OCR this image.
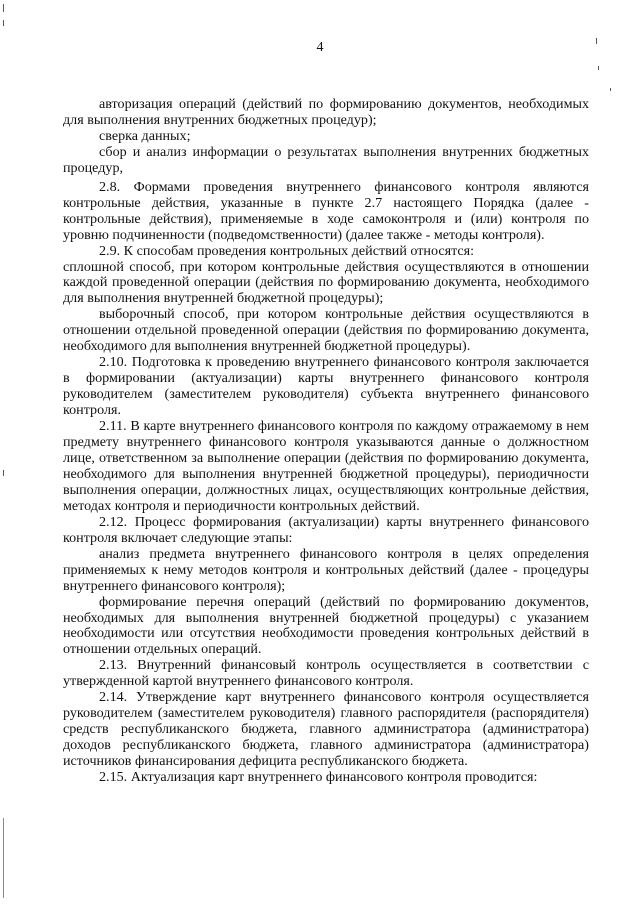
4

авторизация операций (действий по формированию документов, необходимых для выполнения внутренних бюджетных процедур);

сверка данных;

сбор и анализ информации о результатах выполнения внутренних бюджетных процедур,

2.8. Формами проведения внутреннего финансового контроля являются контрольные действия, указанные в пункте 2.7 настоящего Порядка (далее - контрольные действия), применяемые в ходе самоконтроля и (или) контроля по уровню подчиненности (подведомственности) (далее также - методы контроля).

2.9. К способам проведения контрольных действий относятся:

сплошной способ, при котором контрольные действия осуществляются в отношении каждой проведенной операции (действия по формированию документа, необходимого для выполнения внутренней бюджетной процедуры);

выборочный способ, при котором контрольные действия осуществляются в отношении отдельной проведенной операции (действия по формированию документа, необходимого для выполнения внутренней бюджетной процедуры).

2.10. Подготовка к проведению внутреннего финансового контроля заключается в формировании (актуализации) карты внутреннего финансового контроля руководителем (заместителем руководителя) субъекта внутреннего финансового контроля.

2.11. В карте внутреннего финансового контроля по каждому отражаемому в нем предмету внутреннего финансового контроля указываются данные о должностном лице, ответственном за выполнение операции (действия по формированию документа, необходимого для выполнения внутренней бюджетной процедуры), периодичности выполнения операции, должностных лицах, осуществляющих контрольные действия, методах контроля и периодичности контрольных действий.

2.12. Процесс формирования (актуализации) карты внутреннего финансового контроля включает следующие этапы:

анализ предмета внутреннего финансового контроля в целях определения применяемых к нему методов контроля и контрольных действий (далее - процедуры внутреннего финансового контроля);

формирование перечня операций (действий по формированию документов, необходимых для выполнения внутренней бюджетной процедуры) с указанием необходимости или отсутствия необходимости проведения контрольных действий в отношении отдельных операций.

2.13. Внутренний финансовый контроль осуществляется в соответствии с утвержденной картой внутреннего финансового контроля.

2.14. Утверждение карт внутреннего финансового контроля осуществляется руководителем (заместителем руководителя) главного распорядителя (распорядителя) средств республиканского бюджета, главного администратора (администратора) доходов республиканского бюджета, главного администратора (администратора) источников финансирования дефицита республиканского бюджета.

2.15. Актуализация карт внутреннего финансового контроля проводится:
